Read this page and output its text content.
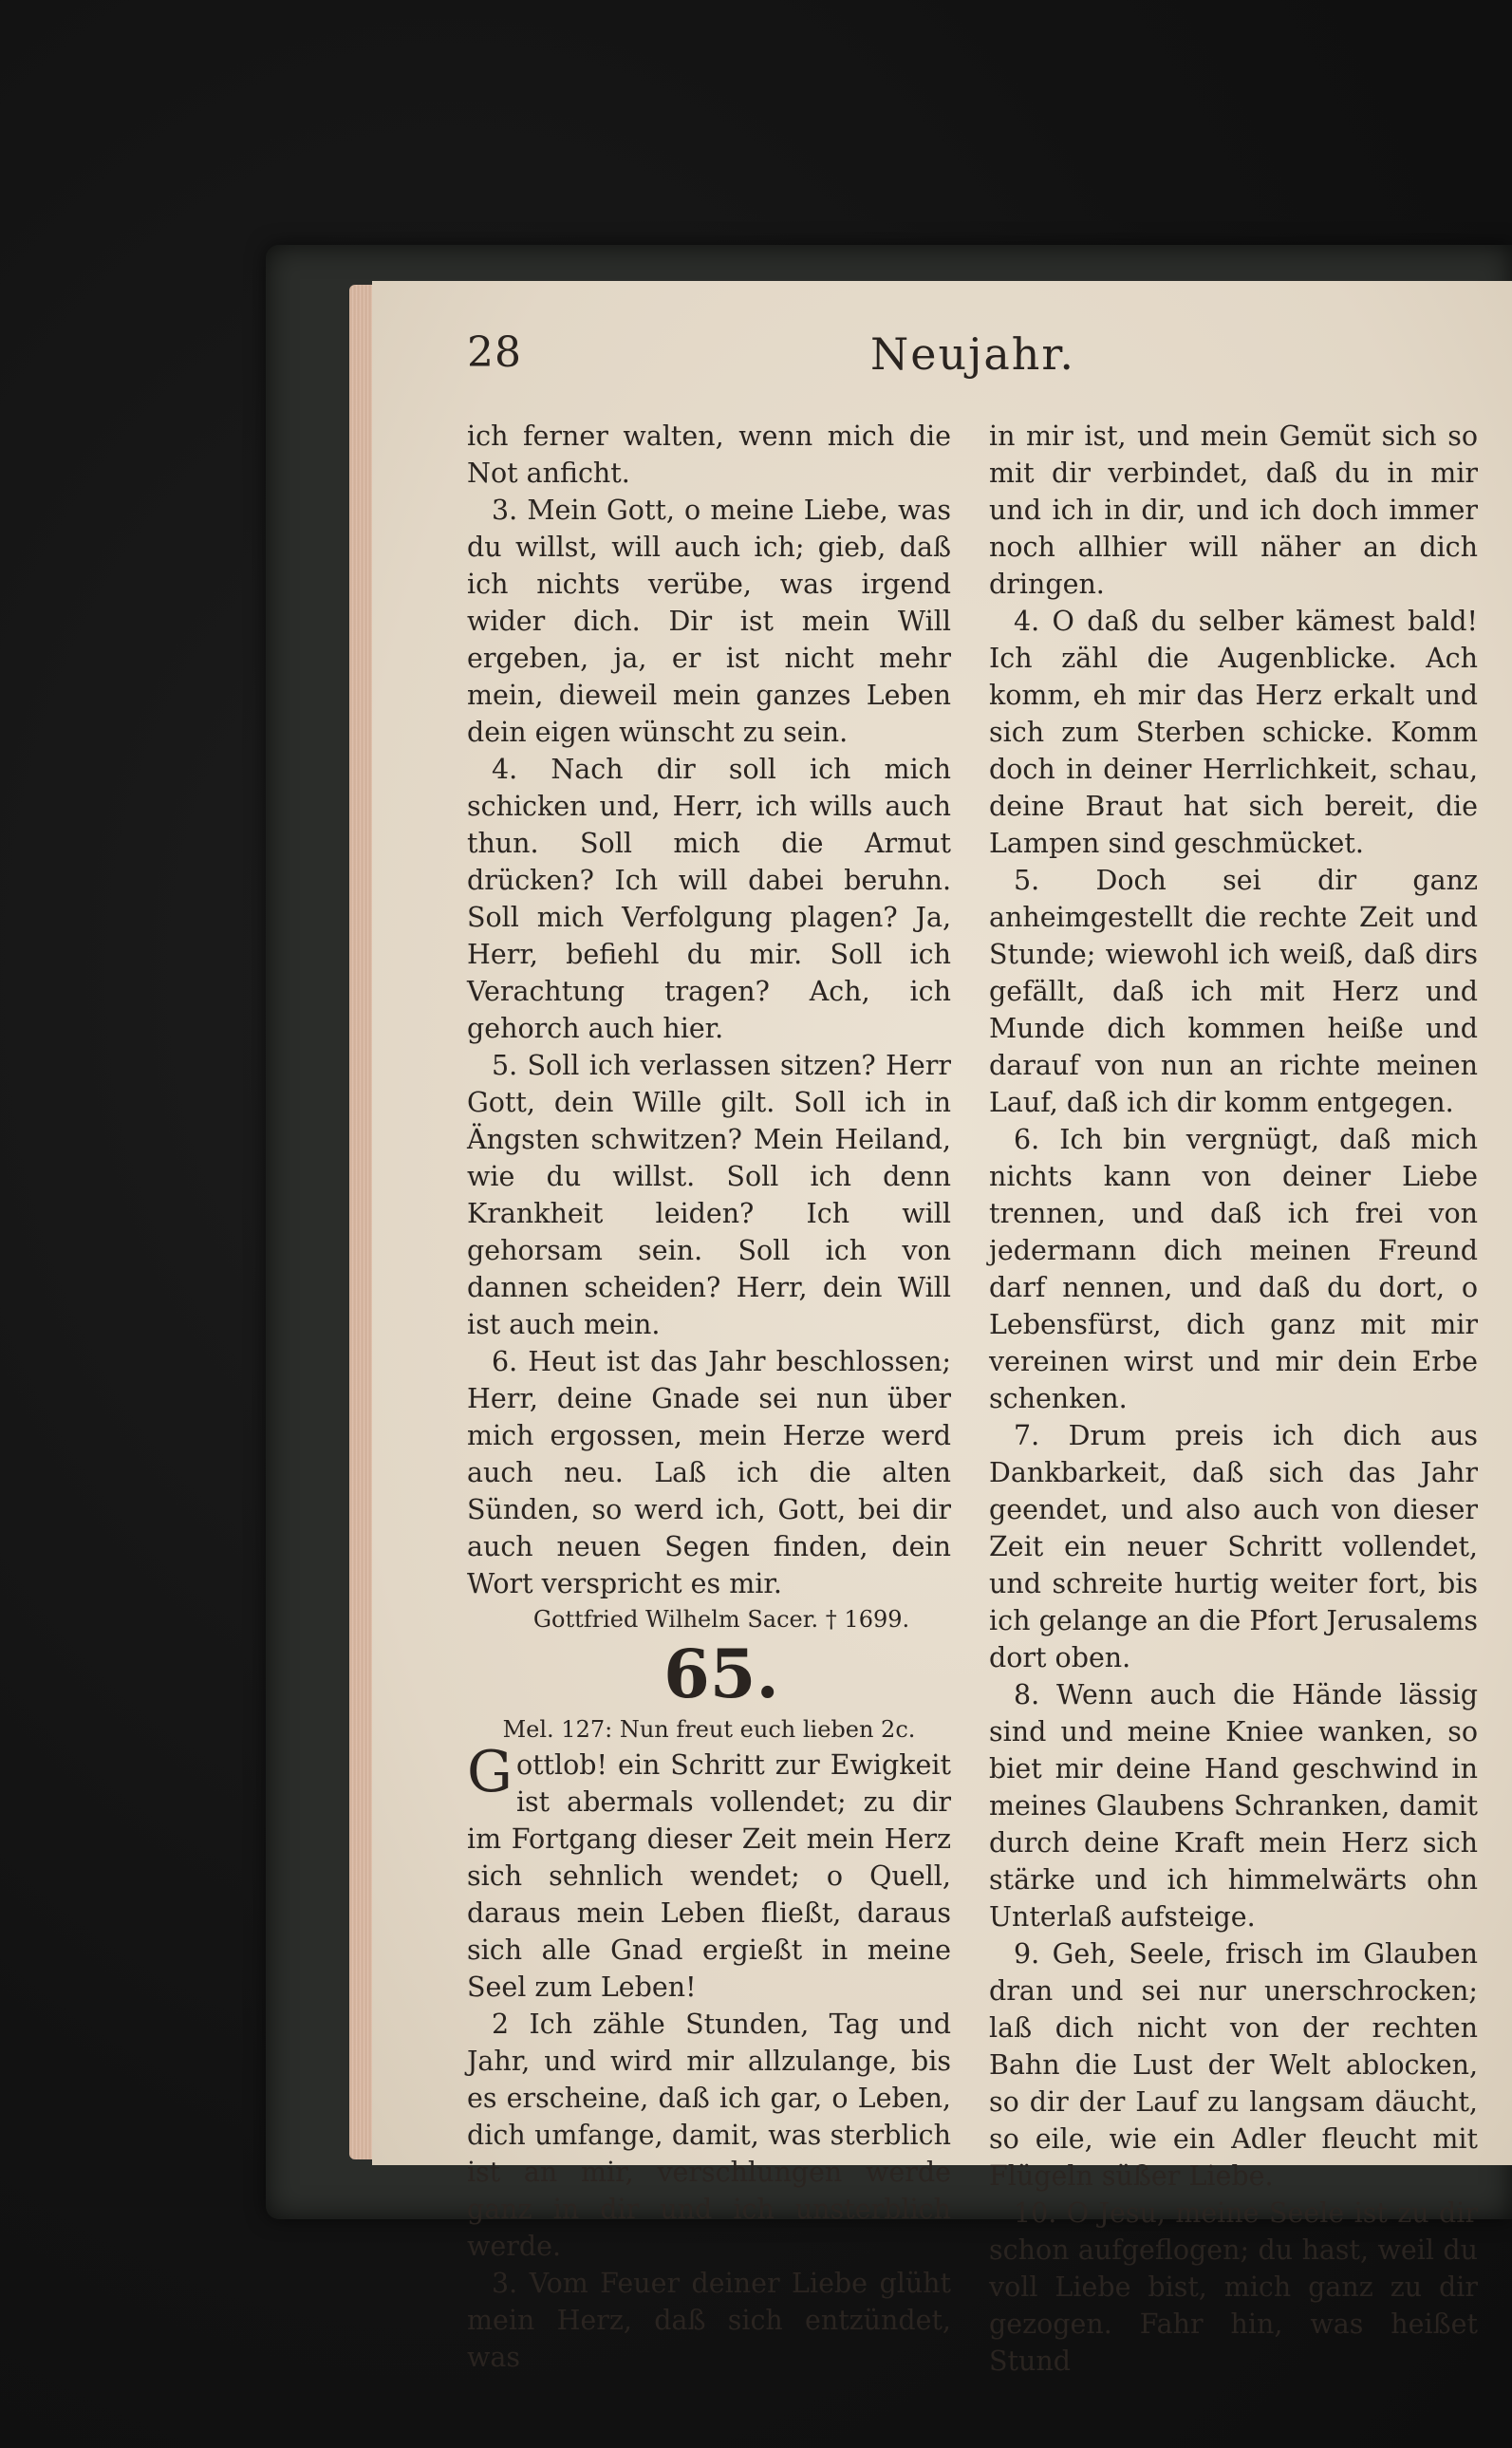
28	Neujahr.

ich ferner walten, wenn mich die Not anficht.

3. Mein Gott, o meine Liebe, was du willst, will auch ich; gieb, daß ich nichts verübe, was irgend wider dich. Dir ist mein Will ergeben, ja, er ist nicht mehr mein, dieweil mein ganzes Leben dein eigen wünscht zu sein.

4. Nach dir soll ich mich schicken und, Herr, ich wills auch thun. Soll mich die Armut drücken? Ich will dabei beruhn. Soll mich Verfolgung plagen? Ja, Herr, befiehl du mir. Soll ich Verachtung tragen? Ach, ich gehorch auch hier.

5. Soll ich verlassen sitzen? Herr Gott, dein Wille gilt. Soll ich in Ängsten schwitzen? Mein Heiland, wie du willst. Soll ich denn Krankheit leiden? Ich will gehorsam sein. Soll ich von dannen scheiden? Herr, dein Will ist auch mein.

6. Heut ist das Jahr beschlossen; Herr, deine Gnade sei nun über mich ergossen, mein Herze werd auch neu. Laß ich die alten Sünden, so werd ich, Gott, bei dir auch neuen Segen finden, dein Wort verspricht es mir.

Gottfried Wilhelm Sacer. † 1699.

65.

Mel. 127: Nun freut euch lieben 2c.

Gottlob! ein Schritt zur Ewigkeit ist abermals vollendet; zu dir im Fortgang dieser Zeit mein Herz sich sehnlich wendet; o Quell, daraus mein Leben fließt, daraus sich alle Gnad ergießt in meine Seel zum Leben!

2 Ich zähle Stunden, Tag und Jahr, und wird mir allzulange, bis es erscheine, daß ich gar, o Leben, dich umfange, damit, was sterblich ist an mir, verschlungen werde ganz in dir und ich unsterblich werde.

3. Vom Feuer deiner Liebe glüht mein Herz, daß sich entzündet, was

in mir ist, und mein Gemüt sich so mit dir verbindet, daß du in mir und ich in dir, und ich doch immer noch allhier will näher an dich dringen.

4. O daß du selber kämest bald! Ich zähl die Augenblicke. Ach komm, eh mir das Herz erkalt und sich zum Sterben schicke. Komm doch in deiner Herrlichkeit, schau, deine Braut hat sich bereit, die Lampen sind geschmücket.

5. Doch sei dir ganz anheimgestellt die rechte Zeit und Stunde; wiewohl ich weiß, daß dirs gefällt, daß ich mit Herz und Munde dich kommen heiße und darauf von nun an richte meinen Lauf, daß ich dir komm entgegen.

6. Ich bin vergnügt, daß mich nichts kann von deiner Liebe trennen, und daß ich frei von jedermann dich meinen Freund darf nennen, und daß du dort, o Lebensfürst, dich ganz mit mir vereinen wirst und mir dein Erbe schenken.

7. Drum preis ich dich aus Dankbarkeit, daß sich das Jahr geendet, und also auch von dieser Zeit ein neuer Schritt vollendet, und schreite hurtig weiter fort, bis ich gelange an die Pfort Jerusalems dort oben.

8. Wenn auch die Hände lässig sind und meine Kniee wanken, so biet mir deine Hand geschwind in meines Glaubens Schranken, damit durch deine Kraft mein Herz sich stärke und ich himmelwärts ohn Unterlaß aufsteige.

9. Geh, Seele, frisch im Glauben dran und sei nur unerschrocken; laß dich nicht von der rechten Bahn die Lust der Welt ablocken, so dir der Lauf zu langsam däucht, so eile, wie ein Adler fleucht mit Flügeln süßer Liebe.

10. O Jesu, meine Seele ist zu dir schon aufgeflogen; du hast, weil du voll Liebe bist, mich ganz zu dir gezogen. Fahr hin, was heißet Stund
